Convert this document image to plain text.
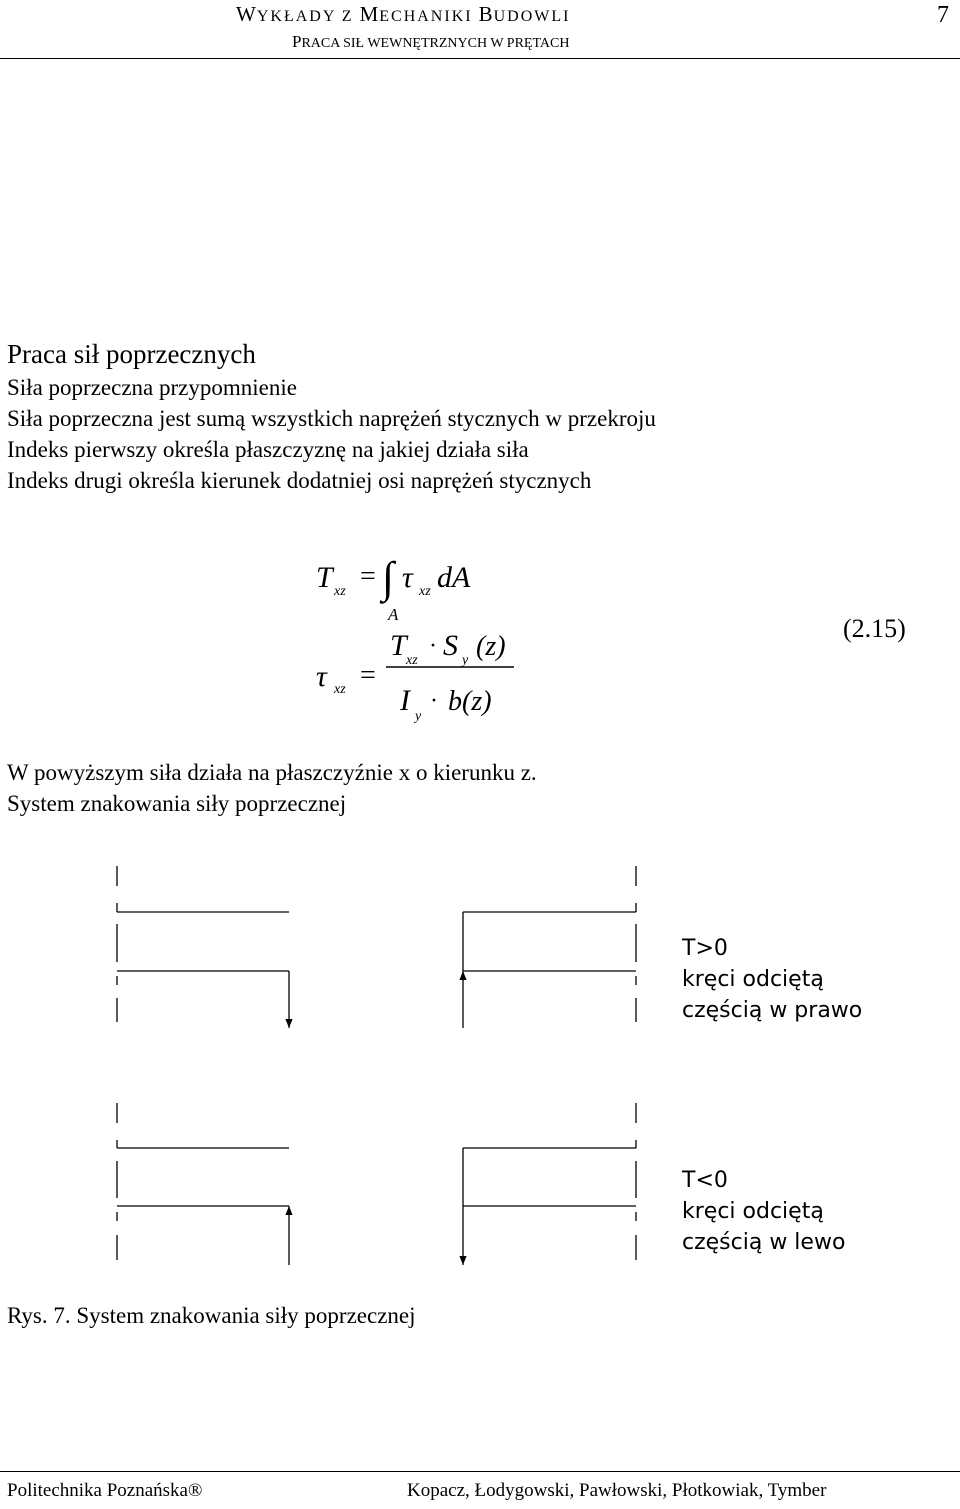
WYKŁADY Z MECHANIKI BUDOWLI
PRACA SIŁ WEWNĘTRZNYCH W PRĘTACH
7
Praca sił poprzecznych
Siła poprzeczna przypomnienie
Siła poprzeczna jest sumą wszystkich naprężeń stycznych w przekroju
Indeks pierwszy określa płaszczyznę na jakiej działa siła
Indeks drugi określa kierunek dodatniej osi naprężeń stycznych
T xz = ∫
A
τ xz dA
τ xz =
T xz
· S y (z)
I y
· b(z)
(2.15)
W powyższym siła działa na płaszczyźnie x o kierunku z.
System znakowania siły poprzecznej
T>0
kręci odciętą
częścią w prawo
T<0
kręci odciętą
częścią w lewo
Rys. 7. System znakowania siły poprzecznej
Politechnika Poznańska®	Kopacz, Łodygowski, Pawłowski, Płotkowiak, Tymber
